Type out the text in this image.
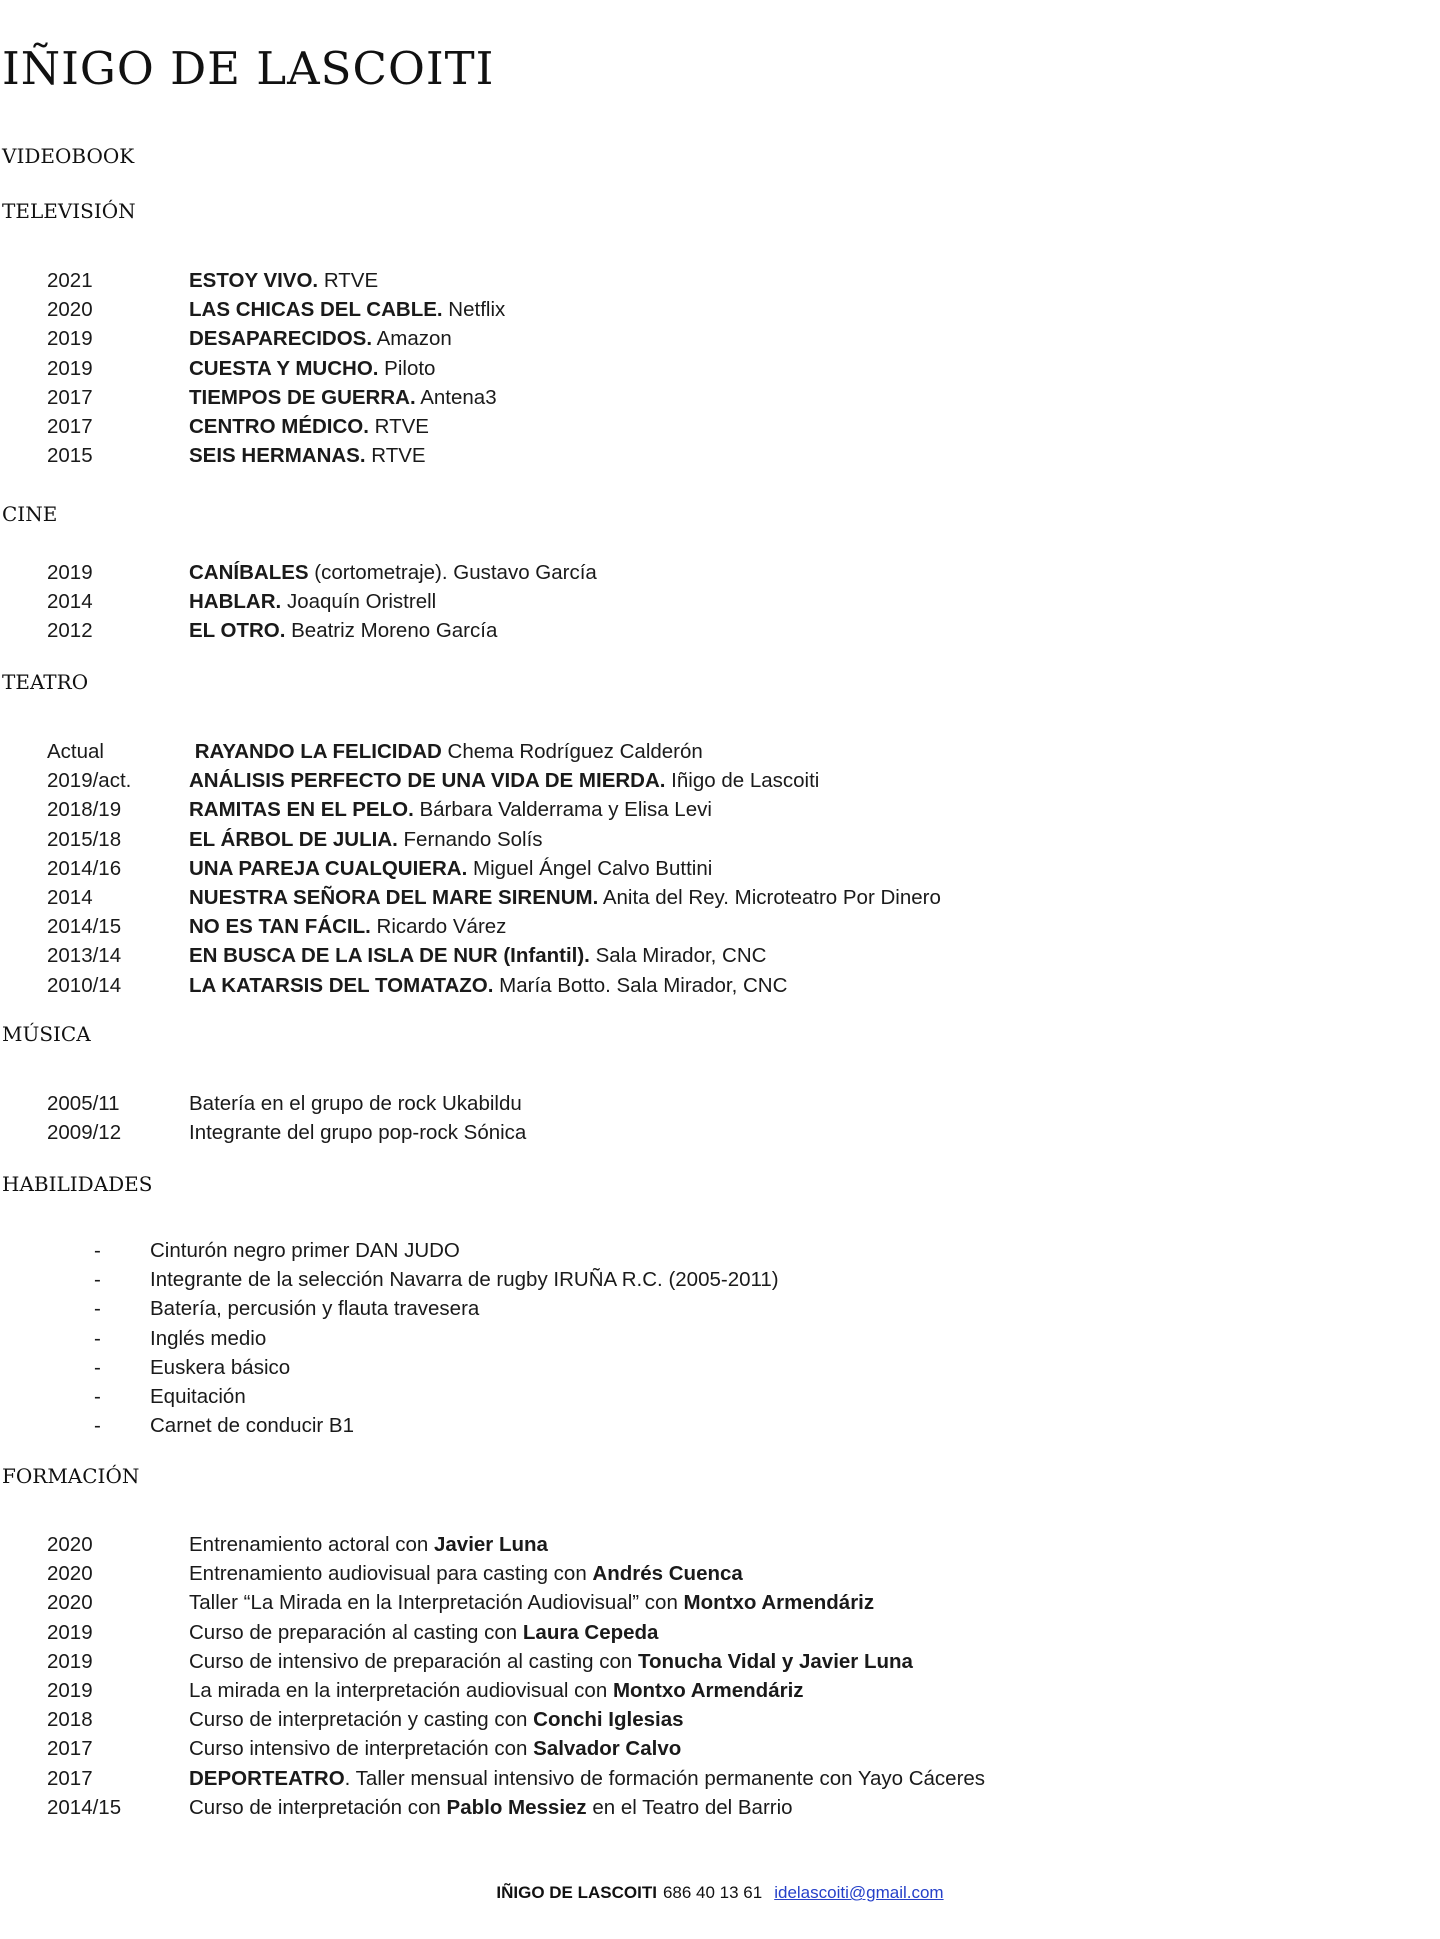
IÑIGO DE LASCOITI
VIDEOBOOK
TELEVISIÓN
2021	ESTOY VIVO. RTVE
2020	LAS CHICAS DEL CABLE. Netflix
2019	DESAPARECIDOS. Amazon
2019	CUESTA Y MUCHO. Piloto
2017	TIEMPOS DE GUERRA. Antena3
2017	CENTRO MÉDICO. RTVE
2015	SEIS HERMANAS. RTVE
CINE
2019	CANÍBALES (cortometraje). Gustavo García
2014	HABLAR. Joaquín Oristrell
2012	EL OTRO. Beatriz Moreno García
TEATRO
Actual	RAYANDO LA FELICIDAD Chema Rodríguez Calderón
2019/act.	ANÁLISIS PERFECTO DE UNA VIDA DE MIERDA. Iñigo de Lascoiti
2018/19	RAMITAS EN EL PELO. Bárbara Valderrama y Elisa Levi
2015/18	EL ÁRBOL DE JULIA. Fernando Solís
2014/16	UNA PAREJA CUALQUIERA. Miguel Ángel Calvo Buttini
2014	NUESTRA SEÑORA DEL MARE SIRENUM. Anita del Rey. Microteatro Por Dinero
2014/15	NO ES TAN FÁCIL. Ricardo Várez
2013/14	EN BUSCA DE LA ISLA DE NUR (Infantil). Sala Mirador, CNC
2010/14	LA KATARSIS DEL TOMATAZO. María Botto. Sala Mirador, CNC
MÚSICA
2005/11	Batería en el grupo de rock Ukabildu
2009/12	Integrante del grupo pop-rock Sónica
HABILIDADES
-	Cinturón negro primer DAN JUDO
-	Integrante de la selección Navarra de rugby IRUÑA R.C. (2005-2011)
-	Batería, percusión y flauta travesera
-	Inglés medio
-	Euskera básico
-	Equitación
-	Carnet de conducir B1
FORMACIÓN
2020	Entrenamiento actoral con Javier Luna
2020	Entrenamiento audiovisual para casting con Andrés Cuenca
2020	Taller “La Mirada en la Interpretación Audiovisual” con Montxo Armendáriz
2019	Curso de preparación al casting con Laura Cepeda
2019	Curso de intensivo de preparación al casting con Tonucha Vidal y Javier Luna
2019	La mirada en la interpretación audiovisual con Montxo Armendáriz
2018	Curso de interpretación y casting con Conchi Iglesias
2017	Curso intensivo de interpretación con Salvador Calvo
2017	DEPORTEATRO. Taller mensual intensivo de formación permanente con Yayo Cáceres
2014/15	Curso de interpretación con Pablo Messiez en el Teatro del Barrio
IÑIGO DE LASCOITI 686 40 13 61 idelascoiti@gmail.com
